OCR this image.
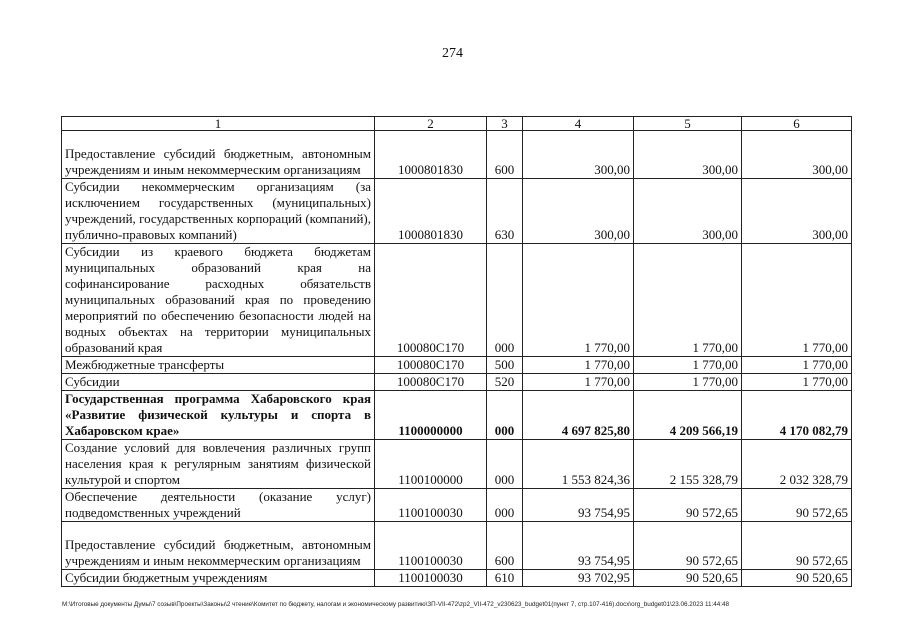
274
1	2	3	4	5	6
Предоставление субсидий бюджетным, автономным учреждениям и иным некоммерческим организациям	1000801830	600	300,00	300,00	300,00
Субсидии некоммерческим организациям (за исключением государственных (муниципальных) учреждений, государственных корпораций (компаний), публично-правовых компаний)	1000801830	630	300,00	300,00	300,00
Субсидии из краевого бюджета бюджетам муниципальных образований края на софинансирование расходных обязательств муниципальных образований края по проведению мероприятий по обеспечению безопасности людей на водных объектах на территории муниципальных образований края	100080С170	000	1 770,00	1 770,00	1 770,00
Межбюджетные трансферты	100080С170	500	1 770,00	1 770,00	1 770,00
Субсидии	100080С170	520	1 770,00	1 770,00	1 770,00
Государственная программа Хабаровского края «Развитие физической культуры и спорта в Хабаровском крае»	1100000000	000	4 697 825,80	4 209 566,19	4 170 082,79
Создание условий для вовлечения различных групп населения края к регулярным занятиям физической культурой и спортом	1100100000	000	1 553 824,36	2 155 328,79	2 032 328,79
Обеспечение деятельности (оказание услуг) подведомственных учреждений	1100100030	000	93 754,95	90 572,65	90 572,65
Предоставление субсидий бюджетным, автономным учреждениям и иным некоммерческим организациям	1100100030	600	93 754,95	90 572,65	90 572,65
Субсидии бюджетным учреждениям	1100100030	610	93 702,95	90 520,65	90 520,65
М:\Итоговые документы Думы\7 созыв\Проекты\Законы\2 чтение\Комитет по бюджету, налогам и экономическому развитию\ЗП-VII-472\zp2_VII-472_v230623_budget01(пункт 7, стр.107-416).docx\org_budget01\23.06.2023 11:44:48
